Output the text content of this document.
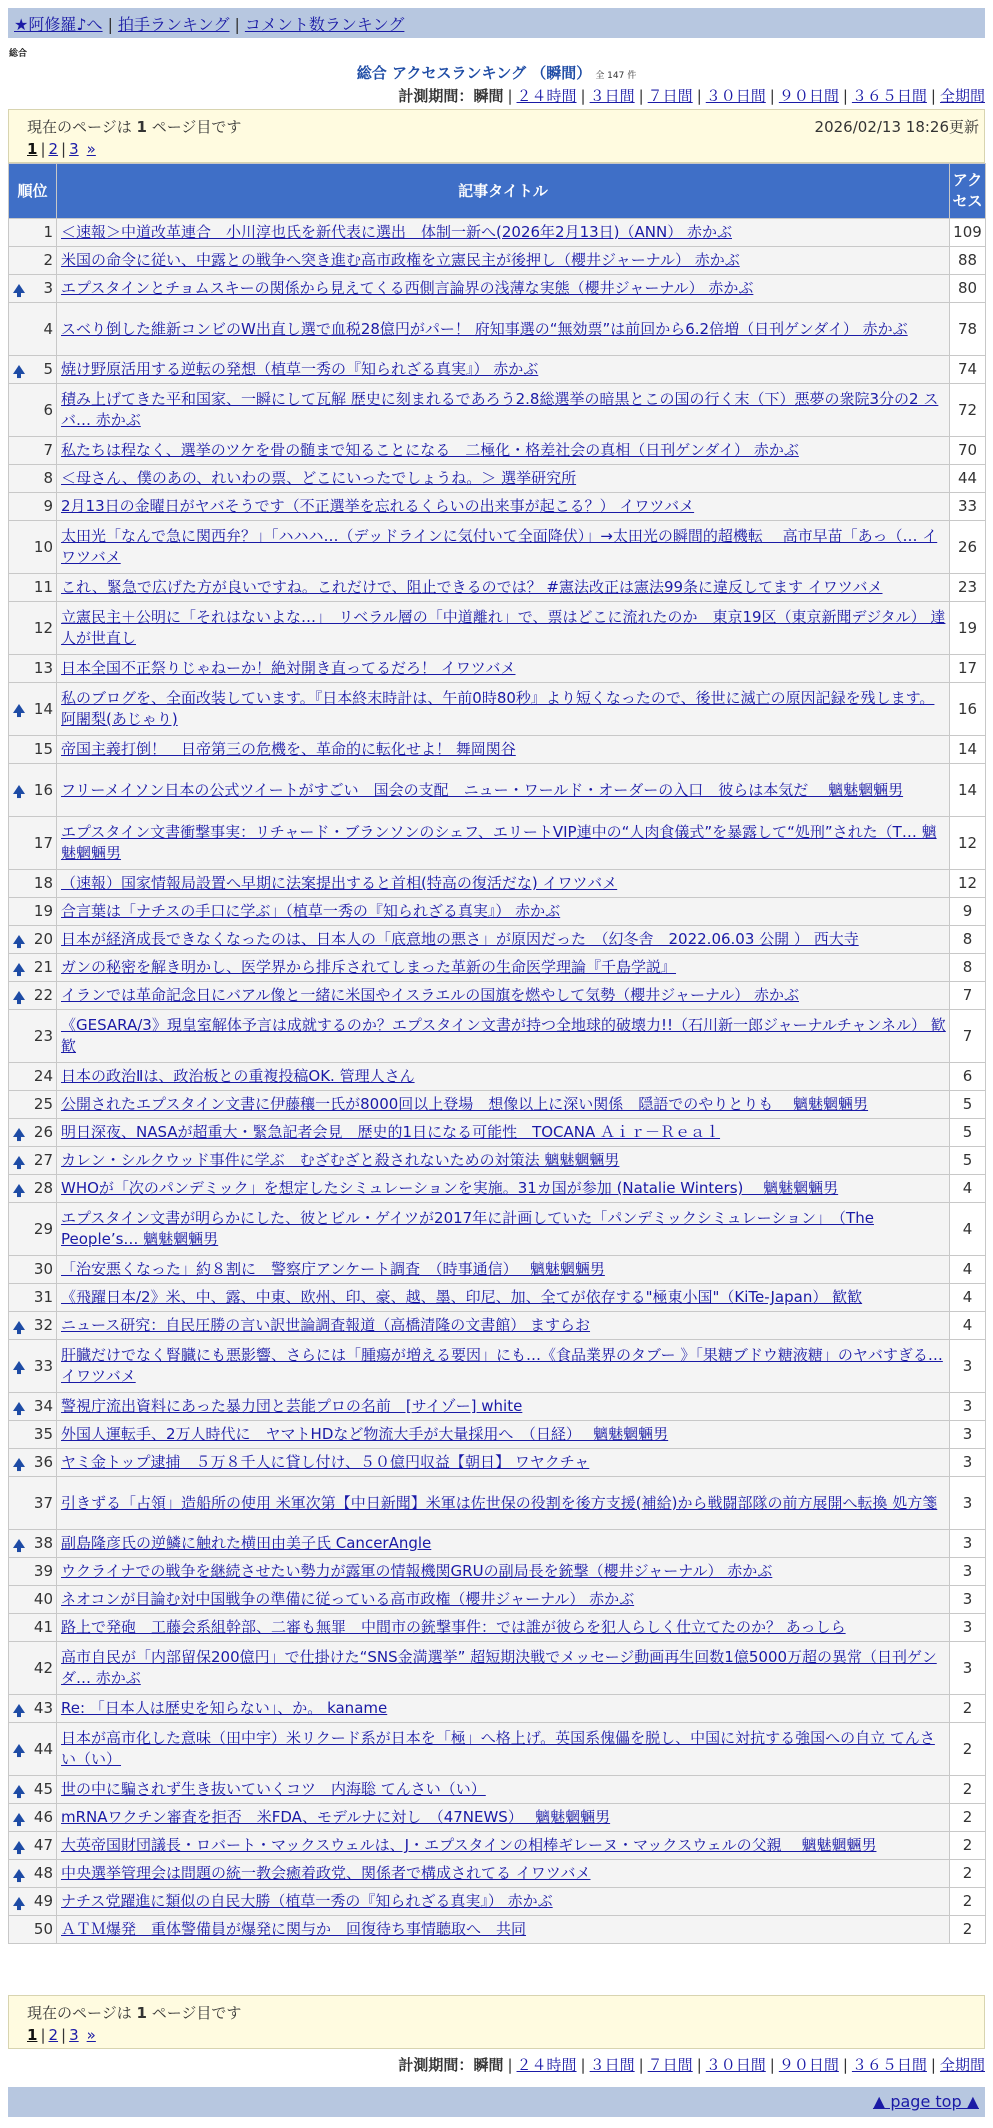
★阿修羅♪へ | 拍手ランキング | コメント数ランキング
総合
総合 アクセスランキング （瞬間） 全 147 件
計測期間：瞬間 | ２４時間 | ３日間 | ７日間 | ３０日間 | ９０日間 | ３６５日間 | 全期間
現在のページは 1 ページ目です	2026/02/13 18:26更新
1 | 2 | 3 »
順位	記事タイトル	アクセス
1	＜速報＞中道改革連合　小川淳也氏を新代表に選出　体制一新へ(2026年2月13日)（ANN） 赤かぶ	109
2	米国の命令に従い、中露との戦争へ突き進む高市政権を立憲民主が後押し（櫻井ジャーナル） 赤かぶ	88

3	エプスタインとチョムスキーの関係から見えてくる西側言論界の浅薄な実態（櫻井ジャーナル） 赤かぶ	80
4	スベり倒した維新コンビのW出直し選で血税28億円がパー！ 府知事選の“無効票”は前回から6.2倍増（日刊ゲンダイ） 赤かぶ	78

5	焼け野原活用する逆転の発想（植草一秀の『知られざる真実』） 赤かぶ	74
6	積み上げてきた平和国家、一瞬にして瓦解 歴史に刻まれるであろう2.8総選挙の暗黒とこの国の行く末（下）悪夢の衆院3分の2 スバ… 赤かぶ	72
7	私たちは程なく、選挙のツケを骨の髄まで知ることになる　二極化・格差社会の真相（日刊ゲンダイ） 赤かぶ	70
8	＜母さん、僕のあの、れいわの票、どこにいったでしょうね。＞ 選挙研究所	44
9	2月13日の金曜日がヤバそうです（不正選挙を忘れるくらいの出来事が起こる？） イワツバメ	33
10	太田光「なんで急に関西弁？」「ハハハ…（デッドラインに気付いて全面降伏）」→太田光の瞬間的超機転　 高市早苗「あっ（… イワツバメ	26
11	これ、緊急で広げた方が良いですね。これだけで、阻止できるのでは？ #憲法改正は憲法99条に違反してます イワツバメ	23
12	立憲民主＋公明に「それはないよな…」　リベラル層の「中道離れ」で、票はどこに流れたのか　東京19区（東京新聞デジタル） 達人が世直し	19
13	日本全国不正祭りじゃねーか！絶対開き直ってるだろ！ イワツバメ	17

14	私のブログを、全面改装しています。『日本終末時計は、午前0時80秒』より短くなったので、後世に滅亡の原因記録を残します。 阿闍梨(あじゃり)	16
15	帝国主義打倒！　日帝第三の危機を、革命的に転化せよ！ 舞岡関谷	14

16	フリーメイソン日本の公式ツイートがすごい　国会の支配　ニュー・ワールド・オーダーの入口　彼らは本気だ　 魑魅魍魎男	14
17	エプスタイン文書衝撃事実：リチャード・ブランソンのシェフ、エリートVIP連中の“人肉食儀式”を暴露して“処刑”された（T… 魑魅魍魎男	12
18	（速報）国家情報局設置へ早期に法案提出すると首相(特高の復活だな) イワツバメ	12
19	合言葉は「ナチスの手口に学ぶ」（植草一秀の『知られざる真実』） 赤かぶ	9

20	日本が経済成長できなくなったのは、日本人の「底意地の悪さ」が原因だった　（幻冬舎　2022.06.03 公開 ） 西大寺	8

21	ガンの秘密を解き明かし、医学界から排斥されてしまった革新の生命医学理論『千島学説』	8

22	イランでは革命記念日にバアル像と一緒に米国やイスラエルの国旗を燃やして気勢（櫻井ジャーナル） 赤かぶ	7
23	《GESARA/3》現皇室解体予言は成就するのか？エプスタイン文書が持つ全地球的破壊力!!（石川新一郎ジャーナルチャンネル） 歓歓	7
24	日本の政治Ⅱは、政治板との重複投稿OK. 管理人さん	6
25	公開されたエプスタイン文書に伊藤穰一氏が8000回以上登場　想像以上に深い関係　隠語でのやりとりも　 魑魅魍魎男	5

26	明日深夜、NASAが超重大・緊急記者会見　歴史的1日になる可能性　TOCANA Ａｉｒ－Ｒｅａｌ	5

27	カレン・シルクウッド事件に学ぶ　むざむざと殺されないための対策法 魑魅魍魎男	5

28	WHOが「次のパンデミック」を想定したシミュレーションを実施。31カ国が参加 (Natalie Winters)　 魑魅魍魎男	4
29	エプスタイン文書が明らかにした、彼とビル・ゲイツが2017年に計画していた「パンデミックシミュレーション」　（The People’s… 魑魅魍魎男	4
30	「治安悪くなった」約８割に　警察庁アンケート調査　（時事通信）　 魑魅魍魎男	4
31	《飛躍日本/2》米、中、露、中東、欧州、印、豪、越、墨、印尼、加、全てが依存する"極東小国"（KiTe-Japan） 歓歓	4

32	ニュース研究：自民圧勝の言い訳世論調査報道（高橋清隆の文書館） ますらお	4

33	肝臓だけでなく腎臓にも悪影響、さらには「腫瘍が増える要因」にも…《食品業界のタブー 》「果糖ブドウ糖液糖」のヤバすぎる… イワツバメ	3

34	警視庁流出資料にあった暴力団と芸能プロの名前　[サイゾー] white	3
35	外国人運転手、2万人時代に　ヤマトHDなど物流大手が大量採用へ　（日経）　 魑魅魍魎男	3

36	ヤミ金トップ逮捕　５万８千人に貸し付け、５０億円収益【朝日】 ワヤクチャ	3
37	引きずる「占領」造船所の使用 米軍次第【中日新聞】米軍は佐世保の役割を後方支援(補給)から戦闘部隊の前方展開へ転換 処方箋	3

38	副島隆彦氏の逆鱗に触れた横田由美子氏 CancerAngle	3
39	ウクライナでの戦争を継続させたい勢力が露軍の情報機関GRUの副局長を銃撃（櫻井ジャーナル） 赤かぶ	3
40	ネオコンが目論む対中国戦争の準備に従っている高市政権（櫻井ジャーナル） 赤かぶ	3
41	路上で発砲　工藤会系組幹部、二審も無罪　中間市の銃撃事件：では誰が彼らを犯人らしく仕立てたのか？ あっしら	3
42	高市自民が「内部留保200億円」で仕掛けた“SNS金満選挙” 超短期決戦でメッセージ動画再生回数1億5000万超の異常（日刊ゲンダ… 赤かぶ	3

43	Re: 「日本人は歴史を知らない」、か。 kaname	2

44	日本が高市化した意味（田中宇）米リクード系が日本を「極」へ格上げ。英国系傀儡を脱し、中国に対抗する強国への自立 てんさい（い）	2

45	世の中に騙されず生き抜いていくコツ　内海聡 てんさい（い）	2

46	mRNAワクチン審査を拒否　米FDA、モデルナに対し　（47NEWS）　 魑魅魍魎男	2

47	大英帝国財団議長・ロバート・マックスウェルは、J・エプスタインの相棒ギレーヌ・マックスウェルの父親　 魑魅魍魎男	2

48	中央選挙管理会は問題の統一教会癒着政党、関係者で構成されてる イワツバメ	2

49	ナチス党躍進に類似の自民大勝（植草一秀の『知られざる真実』） 赤かぶ	2
50	ＡＴＭ爆発　重体警備員が爆発に関与か　回復待ち事情聴取へ　共同	2
現在のページは 1 ページ目です
1 | 2 | 3 »
計測期間：瞬間 | ２４時間 | ３日間 | ７日間 | ３０日間 | ９０日間 | ３６５日間 | 全期間
▲ page top ▲
